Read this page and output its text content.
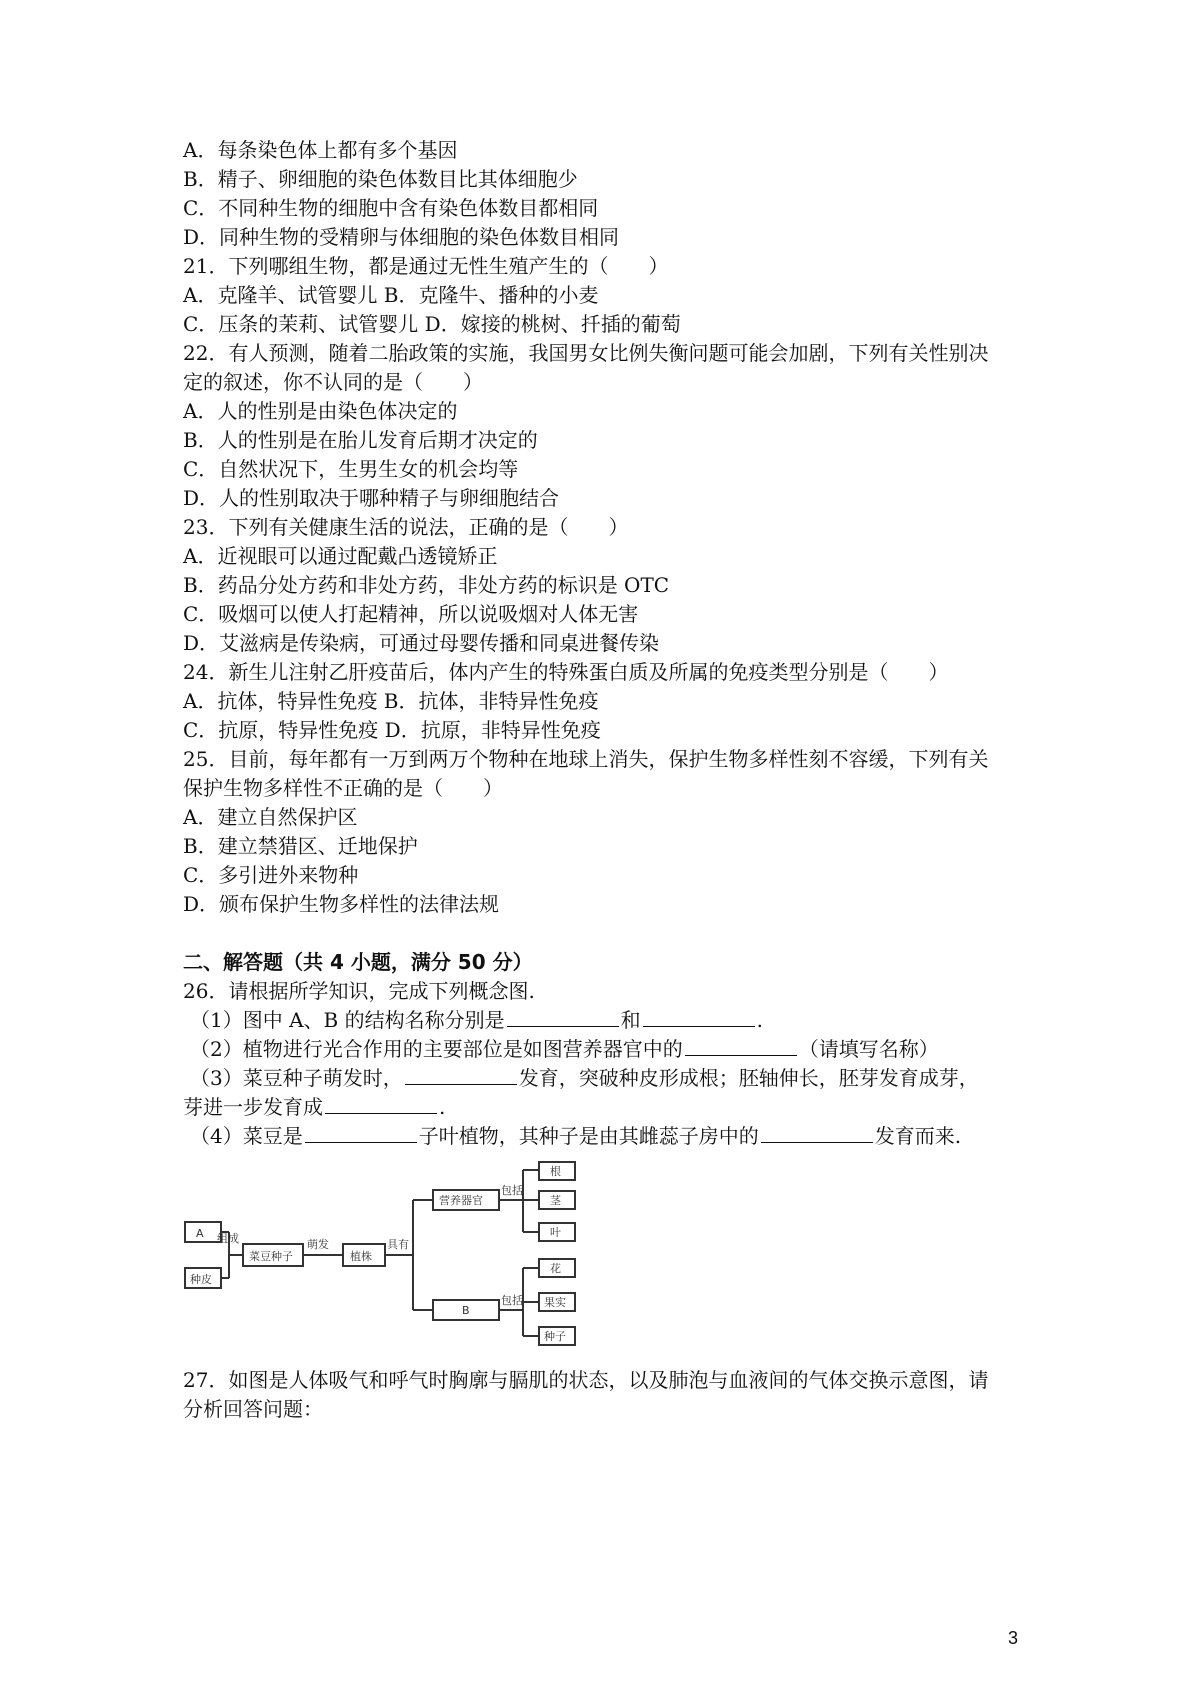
A．每条染色体上都有多个基因
B．精子、卵细胞的染色体数目比其体细胞少
C．不同种生物的细胞中含有染色体数目都相同
D．同种生物的受精卵与体细胞的染色体数目相同
21．下列哪组生物，都是通过无性生殖产生的（　　）
A．克隆羊、试管婴儿 B．克隆牛、播种的小麦
C．压条的茉莉、试管婴儿 D．嫁接的桃树、扦插的葡萄
22．有人预测，随着二胎政策的实施，我国男女比例失衡问题可能会加剧，下列有关性别决
定的叙述，你不认同的是（　　）
A．人的性别是由染色体决定的
B．人的性别是在胎儿发育后期才决定的
C．自然状况下，生男生女的机会均等
D．人的性别取决于哪种精子与卵细胞结合
23．下列有关健康生活的说法，正确的是（　　）
A．近视眼可以通过配戴凸透镜矫正
B．药品分处方药和非处方药，非处方药的标识是 OTC
C．吸烟可以使人打起精神，所以说吸烟对人体无害
D．艾滋病是传染病，可通过母婴传播和同桌进餐传染
24．新生儿注射乙肝疫苗后，体内产生的特殊蛋白质及所属的免疫类型分别是（　　）
A．抗体，特异性免疫 B．抗体，非特异性免疫
C．抗原，特异性免疫 D．抗原，非特异性免疫
25．目前，每年都有一万到两万个物种在地球上消失，保护生物多样性刻不容缓，下列有关
保护生物多样性不正确的是（　　）
A．建立自然保护区
B．建立禁猎区、迁地保护
C．多引进外来物种
D．颁布保护生物多样性的法律法规
二、解答题（共 4 小题，满分 50 分）
26．请根据所学知识，完成下列概念图.
（1）图中 A、B 的结构名称分别是	和	.
（2）植物进行光合作用的主要部位是如图营养器官中的	（请填写名称）
（3）菜豆种子萌发时，	发育，突破种皮形成根；胚轴伸长，胚芽发育成芽，
芽进一步发育成	.
（4）菜豆是	子叶植物，其种子是由其雌蕊子房中的	发育而来.
A
种皮
组成
菜豆种子
萌发
植株
具有
营养器官
包括
B
包括
根
茎
叶
花
果实
种子
27．如图是人体吸气和呼气时胸廓与膈肌的状态，以及肺泡与血液间的气体交换示意图，请
分析回答问题：
3
